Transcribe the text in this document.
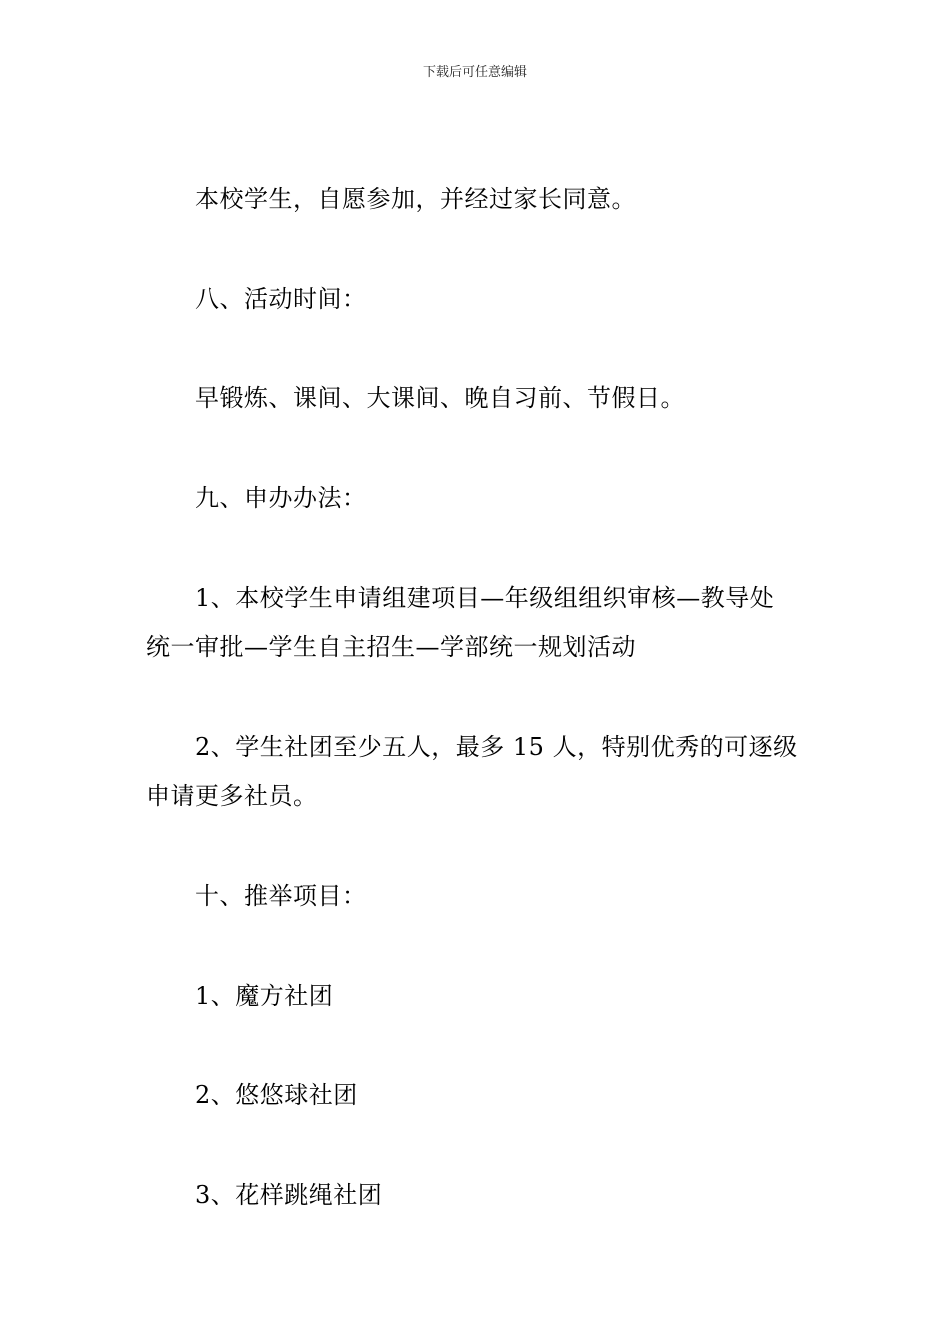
下载后可任意编辑
本校学生，自愿参加，并经过家长同意。
八、活动时间：
早锻炼、课间、大课间、晚自习前、节假日。
九、申办办法：
1、本校学生申请组建项目—年级组组织审核—教导处
统一审批—学生自主招生—学部统一规划活动
2、学生社团至少五人，最多 15 人，特别优秀的可逐级
申请更多社员。
十、推举项目：
1、魔方社团
2、悠悠球社团
3、花样跳绳社团
